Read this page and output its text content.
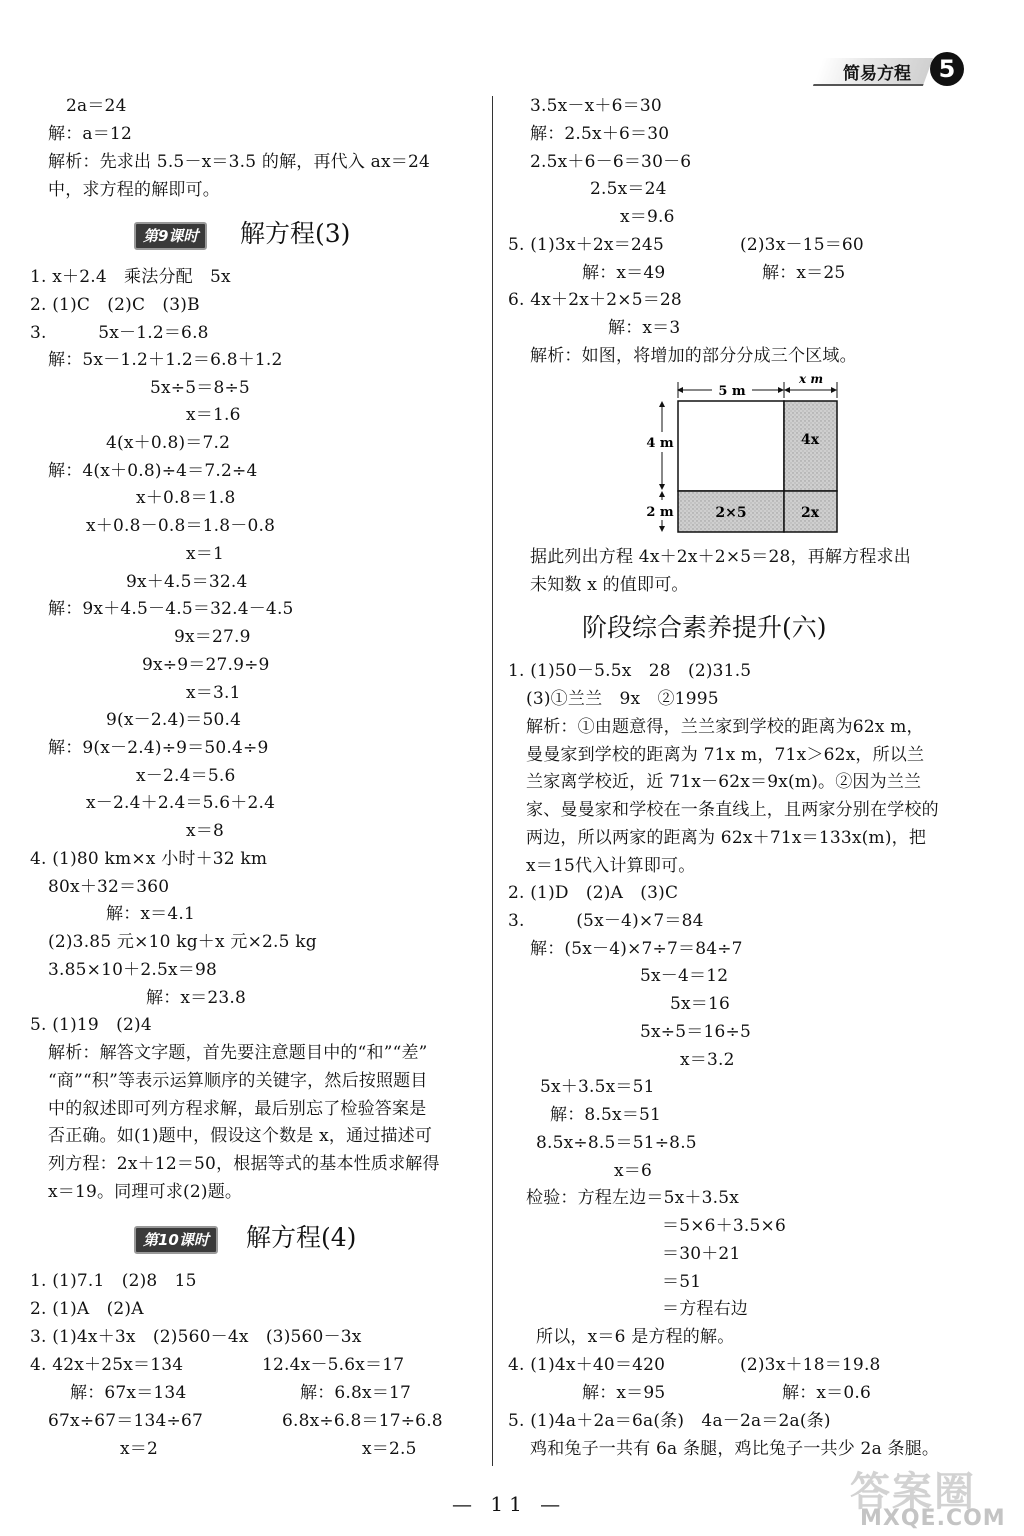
简易方程	5
2a＝24
解：a＝12
解析：先求出 5.5－x＝3.5 的解，再代入 ax＝24
中，求方程的解即可。
第9课时	解方程(3)
1. x＋2.4　乘法分配　5x
2. (1)C　(2)C　(3)B
3.　　　5x－1.2＝6.8
解：5x－1.2＋1.2＝6.8＋1.2
5x÷5＝8÷5
x＝1.6
4(x＋0.8)＝7.2
解：4(x＋0.8)÷4＝7.2÷4
x＋0.8＝1.8
x＋0.8－0.8＝1.8－0.8
x＝1
9x＋4.5＝32.4
解：9x＋4.5－4.5＝32.4－4.5
9x＝27.9
9x÷9＝27.9÷9
x＝3.1
9(x－2.4)＝50.4
解：9(x－2.4)÷9＝50.4÷9
x－2.4＝5.6
x－2.4＋2.4＝5.6＋2.4
x＝8
4. (1)80 km×x 小时＋32 km
80x＋32＝360
解：x＝4.1
(2)3.85 元×10 kg＋x 元×2.5 kg
3.85×10＋2.5x＝98
解：x＝23.8
5. (1)19　(2)4
解析：解答文字题，首先要注意题目中的“和”“差”
“商”“积”等表示运算顺序的关键字，然后按照题目
中的叙述即可列方程求解，最后别忘了检验答案是
否正确。如(1)题中，假设这个数是 x，通过描述可
列方程：2x＋12＝50，根据等式的基本性质求解得
x＝19。同理可求(2)题。
第10课时	解方程(4)
1. (1)7.1　(2)8　15
2. (1)A　(2)A
3. (1)4x＋3x　(2)560－4x　(3)560－3x
4. 42x＋25x＝134	12.4x－5.6x＝17
解：67x＝134	解：6.8x＝17
67x÷67＝134÷67	6.8x÷6.8＝17÷6.8
x＝2	x＝2.5
3.5x－x＋6＝30
解：2.5x＋6＝30
2.5x＋6－6＝30－6
2.5x＝24
x＝9.6
5. (1)3x＋2x＝245	(2)3x－15＝60
解：x＝49	解：x＝25
6. 4x＋2x＋2×5＝28
解：x＝3
解析：如图，将增加的部分分成三个区域。
5 m
x m
4 m
2 m
4x
2×5	2x
据此列出方程 4x＋2x＋2×5＝28，再解方程求出
未知数 x 的值即可。
阶段综合素养提升(六)
1. (1)50－5.5x　28　(2)31.5
(3)①兰兰　9x　②1995
解析：①由题意得，兰兰家到学校的距离为62x m，
曼曼家到学校的距离为 71x m，71x＞62x，所以兰
兰家离学校近，近 71x－62x＝9x(m)。②因为兰兰
家、曼曼家和学校在一条直线上，且两家分别在学校的
两边，所以两家的距离为 62x＋71x＝133x(m)，把
x＝15代入计算即可。
2. (1)D　(2)A　(3)C
3.　　　(5x－4)×7＝84
解：(5x－4)×7÷7＝84÷7
5x－4＝12
5x＝16
5x÷5＝16÷5
x＝3.2
5x＋3.5x＝51
解：8.5x＝51
8.5x÷8.5＝51÷8.5
x＝6
检验：方程左边＝5x＋3.5x
＝5×6＋3.5×6
＝30＋21
＝51
＝方程右边
所以，x＝6 是方程的解。
4. (1)4x＋40＝420	(2)3x＋18＝19.8
解：x＝95	解：x＝0.6
5. (1)4a＋2a＝6a(条)　4a－2a＝2a(条)
鸡和兔子一共有 6a 条腿，鸡比兔子一共少 2a 条腿。
— 11 —	答案圈
MXQE.COM
